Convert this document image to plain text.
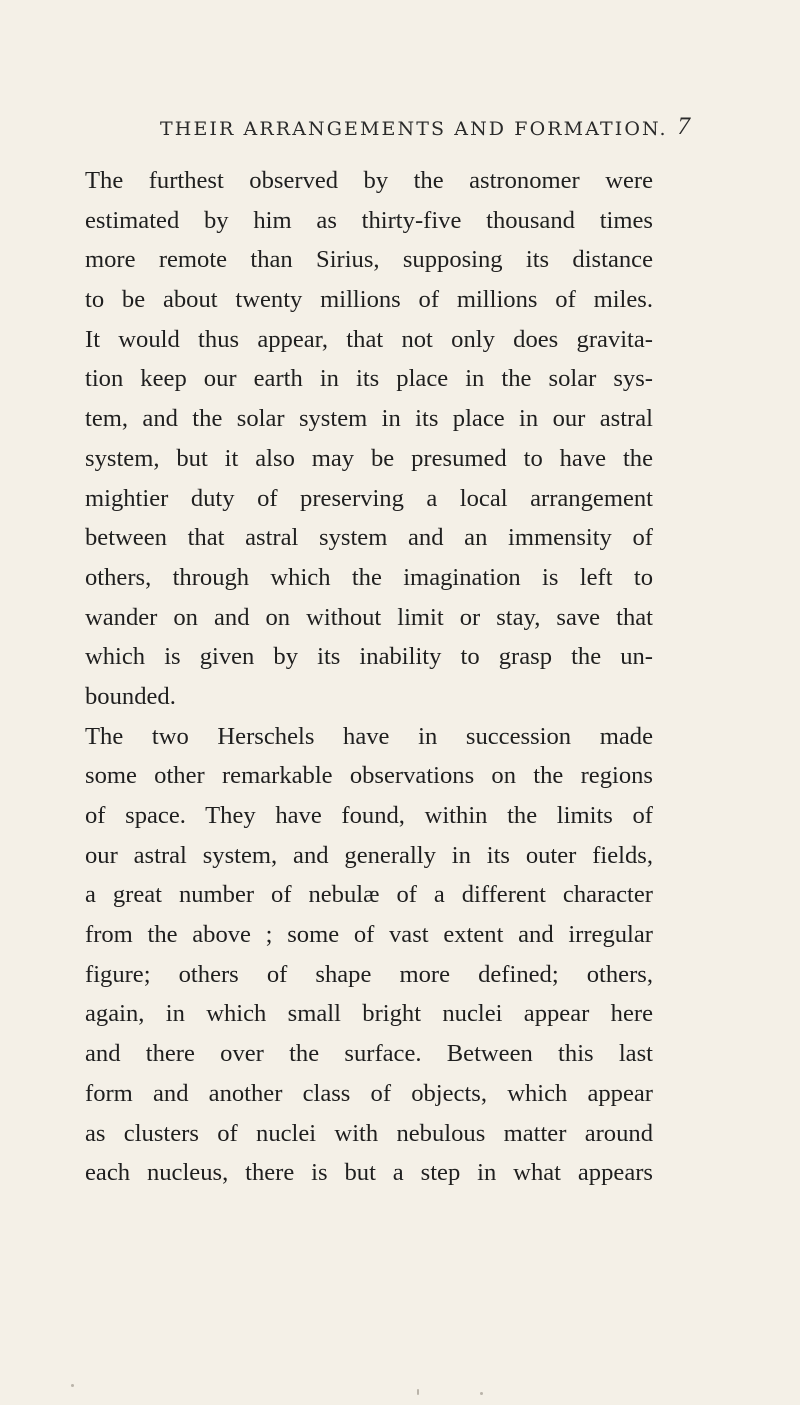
THEIR ARRANGEMENTS AND FORMATION. 7
The furthest observed by the astronomer were
estimated by him as thirty-five thousand times
more remote than Sirius, supposing its distance
to be about twenty millions of millions of miles.
It would thus appear, that not only does gravita-
tion keep our earth in its place in the solar sys-
tem, and the solar system in its place in our astral
system, but it also may be presumed to have the
mightier duty of preserving a local arrangement
between that astral system and an immensity of
others, through which the imagination is left to
wander on and on without limit or stay, save that
which is given by its inability to grasp the un-
bounded.
The two Herschels have in succession made
some other remarkable observations on the regions
of space. They have found, within the limits of
our astral system, and generally in its outer fields,
a great number of nebulæ of a different character
from the above ; some of vast extent and irregular
figure; others of shape more defined; others,
again, in which small bright nuclei appear here
and there over the surface. Between this last
form and another class of objects, which appear
as clusters of nuclei with nebulous matter around
each nucleus, there is but a step in what appears
